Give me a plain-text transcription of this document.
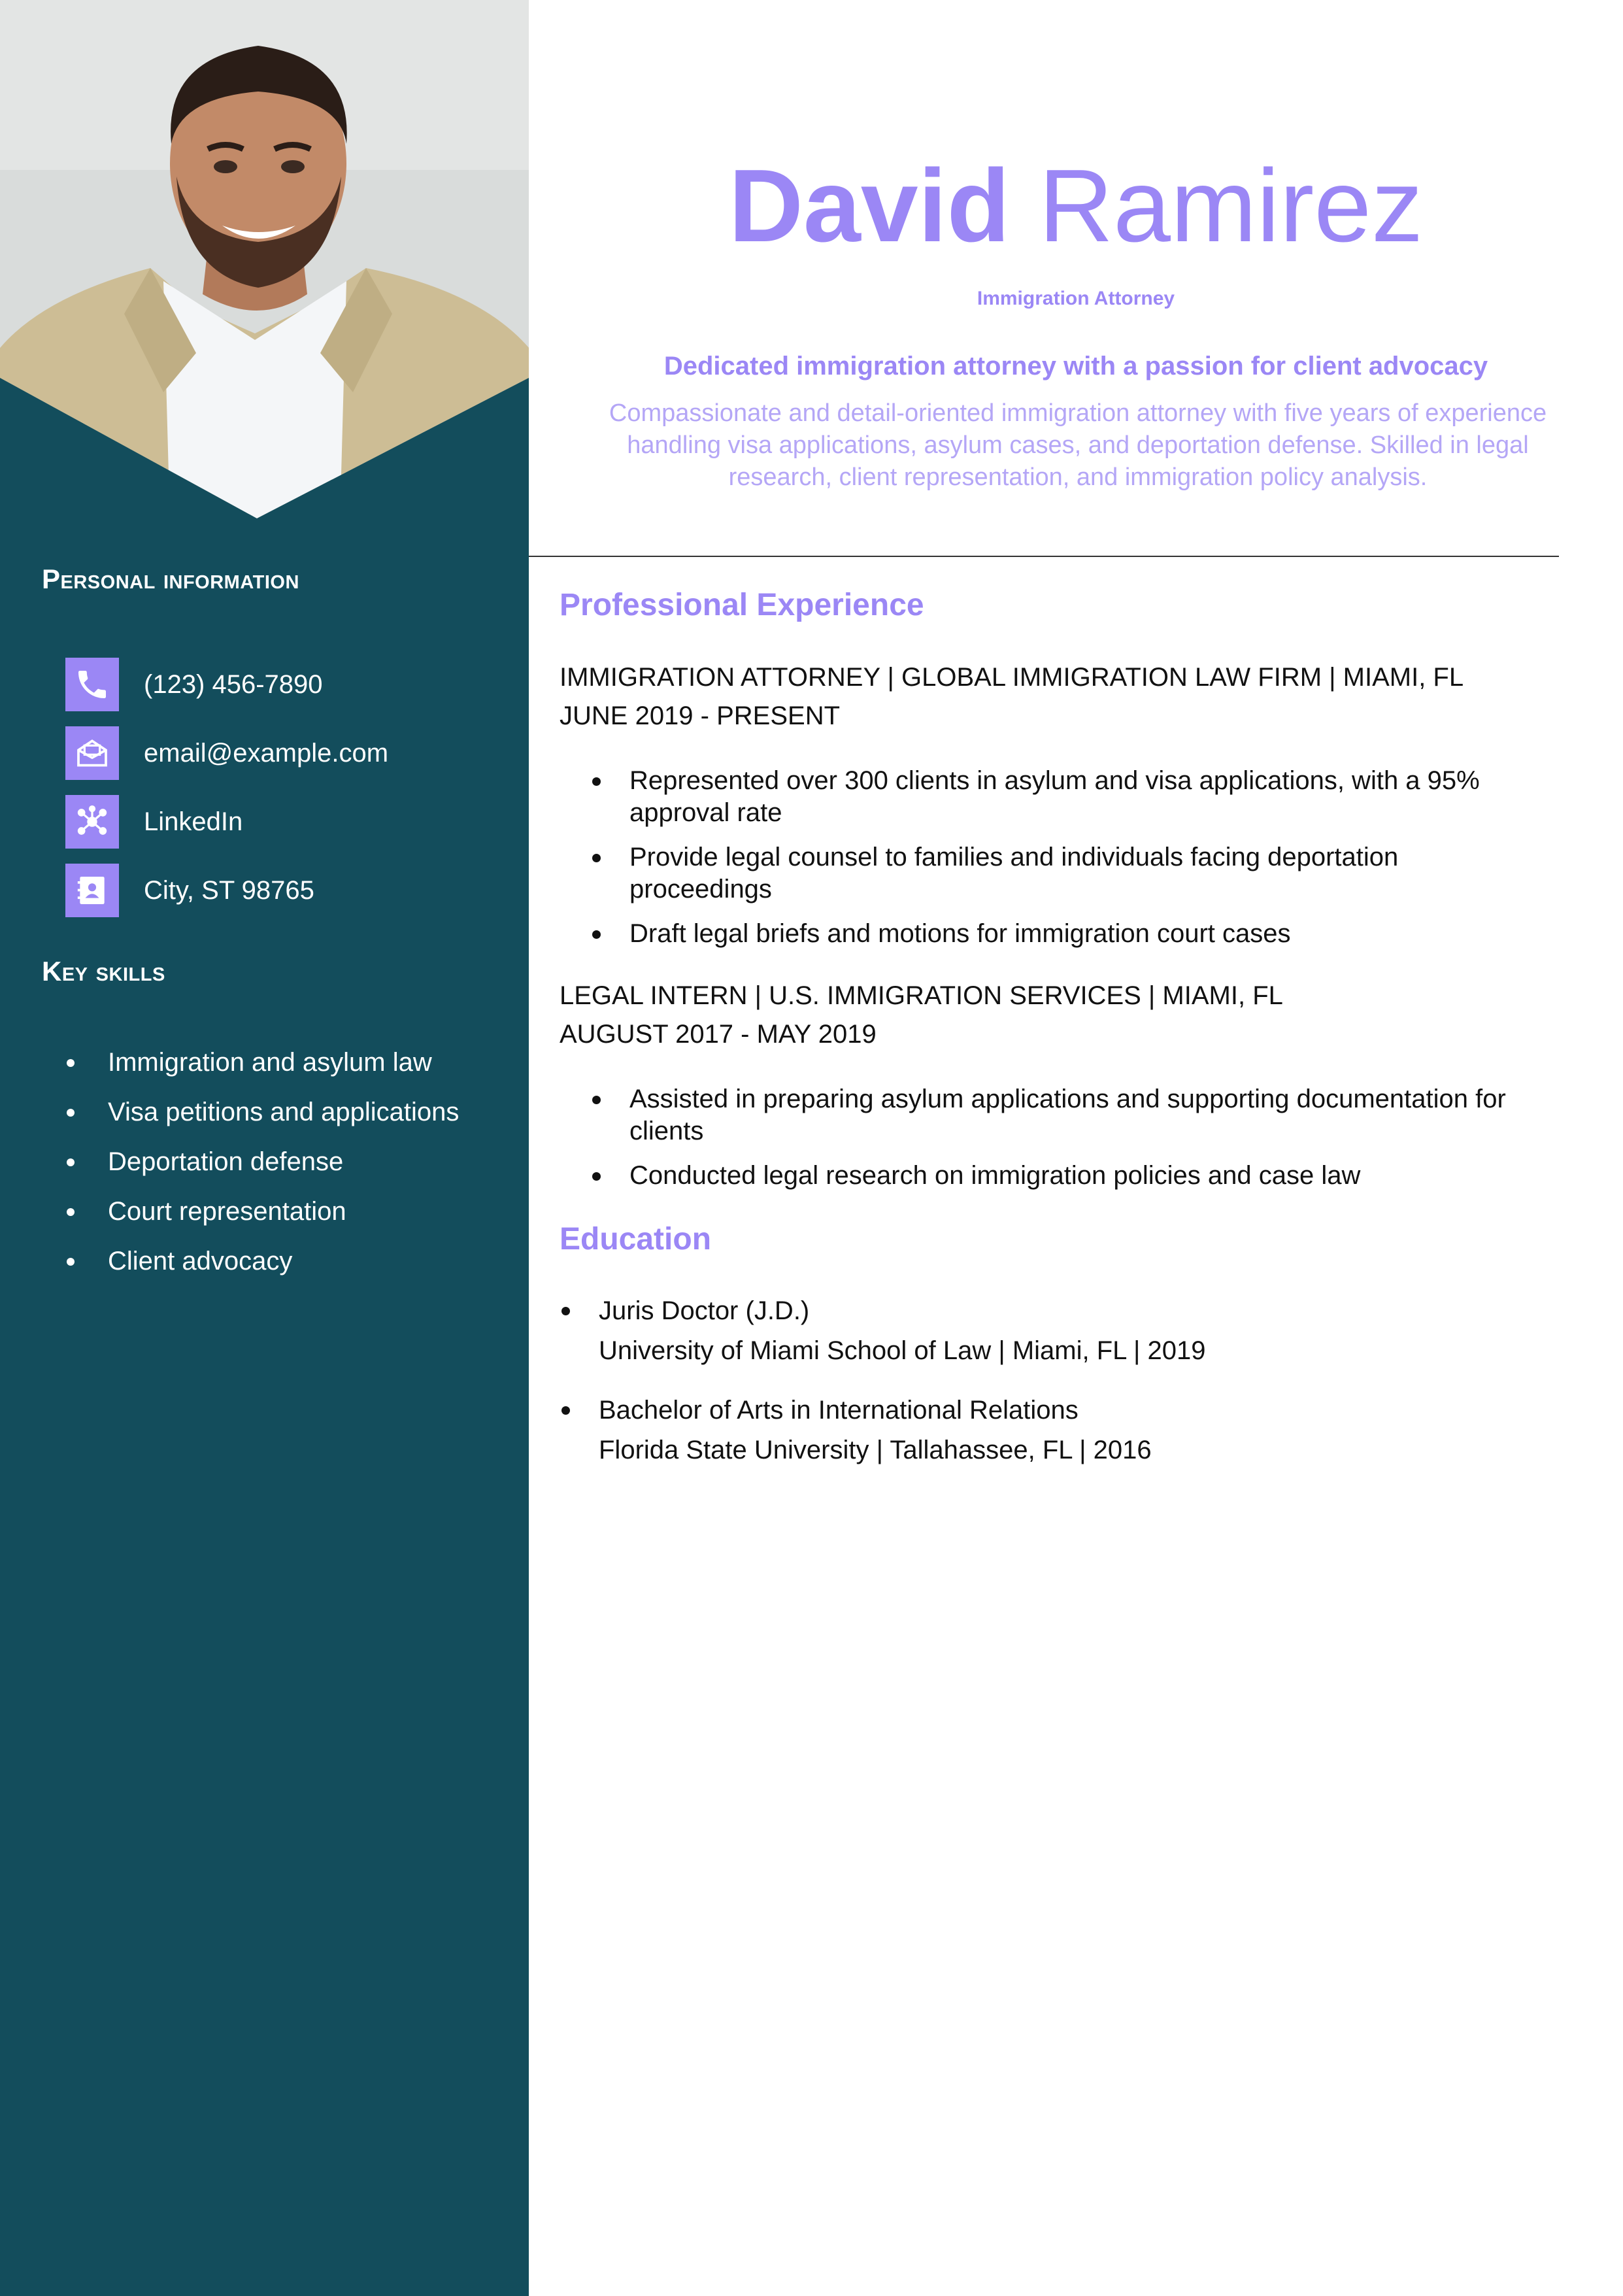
Personal information
(123) 456-7890
email@example.com
LinkedIn
City, ST 98765
Key skills
Immigration and asylum law
Visa petitions and applications
Deportation defense
Court representation
Client advocacy
David Ramirez

Immigration Attorney

Dedicated immigration attorney with a passion for client advocacy

Compassionate and detail-oriented immigration attorney with five years of experience handling visa applications, asylum cases, and deportation defense. Skilled in legal research, client representation, and immigration policy analysis.

Professional Experience

IMMIGRATION ATTORNEY | GLOBAL IMMIGRATION LAW FIRM | MIAMI, FL

JUNE 2019 - PRESENT

Represented over 300 clients in asylum and visa applications, with a 95% approval rate
Provide legal counsel to families and individuals facing deportation proceedings
Draft legal briefs and motions for immigration court cases

LEGAL INTERN | U.S. IMMIGRATION SERVICES | MIAMI, FL

AUGUST 2017 - MAY 2019

Assisted in preparing asylum applications and supporting documentation for clients
Conducted legal research on immigration policies and case law
Education
Juris Doctor (J.D.)
University of Miami School of Law | Miami, FL | 2019
Bachelor of Arts in International Relations
Florida State University | Tallahassee, FL | 2016
